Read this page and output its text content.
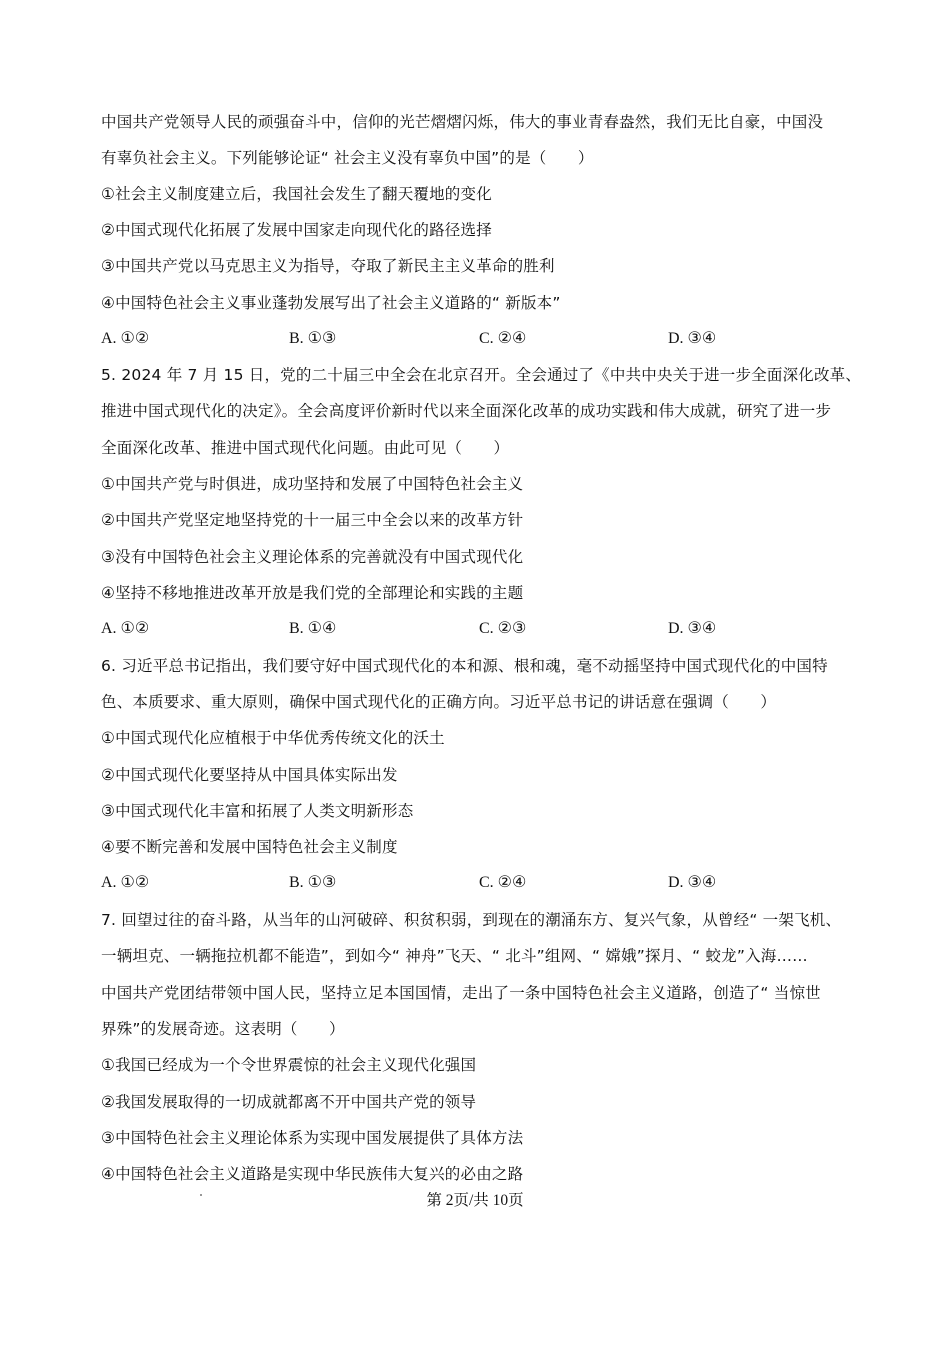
中国共产党领导人民的顽强奋斗中，信仰的光芒熠熠闪烁，伟大的事业青春盎然，我们无比自豪，中国没
有辜负社会主义。下列能够论证“ 社会主义没有辜负中国”的是（　　）
①社会主义制度建立后，我国社会发生了翻天覆地的变化
②中国式现代化拓展了发展中国家走向现代化的路径选择
③中国共产党以马克思主义为指导，夺取了新民主主义革命的胜利
④中国特色社会主义事业蓬勃发展写出了社会主义道路的“ 新版本”
A. ①②	B. ①③	C. ②④	D. ③④
5. 2024 年 7 月 15 日，党的二十届三中全会在北京召开。全会通过了《中共中央关于进一步全面深化改革、
推进中国式现代化的决定》。全会高度评价新时代以来全面深化改革的成功实践和伟大成就，研究了进一步
全面深化改革、推进中国式现代化问题。由此可见（　　）
①中国共产党与时俱进，成功坚持和发展了中国特色社会主义
②中国共产党坚定地坚持党的十一届三中全会以来的改革方针
③没有中国特色社会主义理论体系的完善就没有中国式现代化
④坚持不移地推进改革开放是我们党的全部理论和实践的主题
A. ①②	B. ①④	C. ②③	D. ③④
6. 习近平总书记指出，我们要守好中国式现代化的本和源、根和魂，毫不动摇坚持中国式现代化的中国特
色、本质要求、重大原则，确保中国式现代化的正确方向。习近平总书记的讲话意在强调（　　）
①中国式现代化应植根于中华优秀传统文化的沃土
②中国式现代化要坚持从中国具体实际出发
③中国式现代化丰富和拓展了人类文明新形态
④要不断完善和发展中国特色社会主义制度
A. ①②	B. ①③	C. ②④	D. ③④
7. 回望过往的奋斗路，从当年的山河破碎、积贫积弱，到现在的潮涌东方、复兴气象，从曾经“ 一架飞机、
一辆坦克、一辆拖拉机都不能造”，到如今“ 神舟”飞天、“ 北斗”组网、“ 嫦娥”探月、“ 蛟龙”入海……
中国共产党团结带领中国人民，坚持立足本国国情，走出了一条中国特色社会主义道路，创造了“ 当惊世
界殊”的发展奇迹。这表明（　　）
①我国已经成为一个令世界震惊的社会主义现代化强国
②我国发展取得的一切成就都离不开中国共产党的领导
③中国特色社会主义理论体系为实现中国发展提供了具体方法
④中国特色社会主义道路是实现中华民族伟大复兴的必由之路
第 2页/共 10页
